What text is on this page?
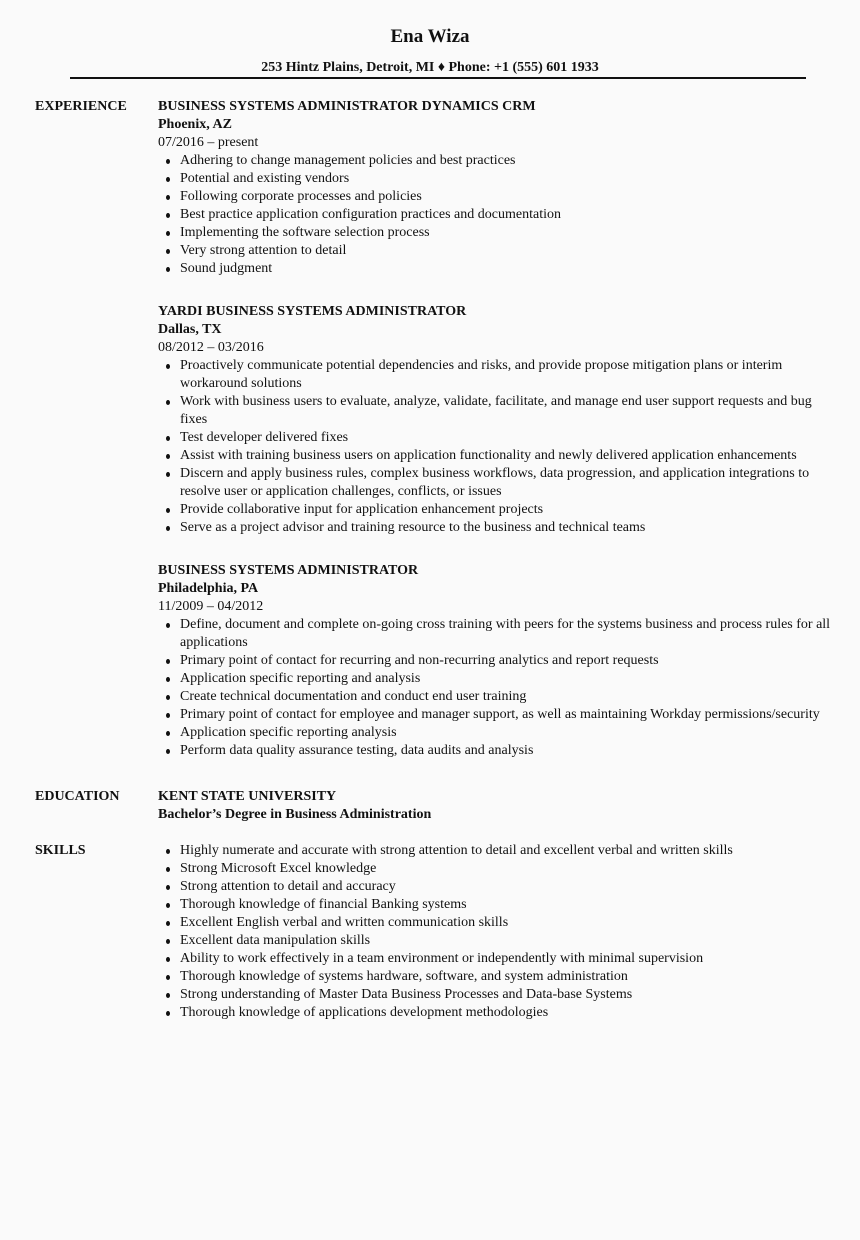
Ena Wiza
253 Hintz Plains, Detroit, MI ♦ Phone: +1 (555) 601 1933
EXPERIENCE	BUSINESS SYSTEMS ADMINISTRATOR DYNAMICS CRM
Phoenix, AZ
07/2016 – present
Adhering to change management policies and best practices
Potential and existing vendors
Following corporate processes and policies
Best practice application configuration practices and documentation
Implementing the software selection process
Very strong attention to detail
Sound judgment
YARDI BUSINESS SYSTEMS ADMINISTRATOR
Dallas, TX
08/2012 – 03/2016
Proactively communicate potential dependencies and risks, and provide propose mitigation plans or interim workaround solutions
Work with business users to evaluate, analyze, validate, facilitate, and manage end user support requests and bug fixes
Test developer delivered fixes
Assist with training business users on application functionality and newly delivered application enhancements
Discern and apply business rules, complex business workflows, data progression, and application integrations to resolve user or application challenges, conflicts, or issues
Provide collaborative input for application enhancement projects
Serve as a project advisor and training resource to the business and technical teams
BUSINESS SYSTEMS ADMINISTRATOR
Philadelphia, PA
11/2009 – 04/2012
Define, document and complete on-going cross training with peers for the systems business and process rules for all applications
Primary point of contact for recurring and non-recurring analytics and report requests
Application specific reporting and analysis
Create technical documentation and conduct end user training
Primary point of contact for employee and manager support, as well as maintaining Workday permissions/security
Application specific reporting analysis
Perform data quality assurance testing, data audits and analysis
EDUCATION	KENT STATE UNIVERSITY
Bachelor’s Degree in Business Administration
SKILLS	Highly numerate and accurate with strong attention to detail and excellent verbal and written skills
Strong Microsoft Excel knowledge
Strong attention to detail and accuracy
Thorough knowledge of financial Banking systems
Excellent English verbal and written communication skills
Excellent data manipulation skills
Ability to work effectively in a team environment or independently with minimal supervision
Thorough knowledge of systems hardware, software, and system administration
Strong understanding of Master Data Business Processes and Data-base Systems
Thorough knowledge of applications development methodologies
